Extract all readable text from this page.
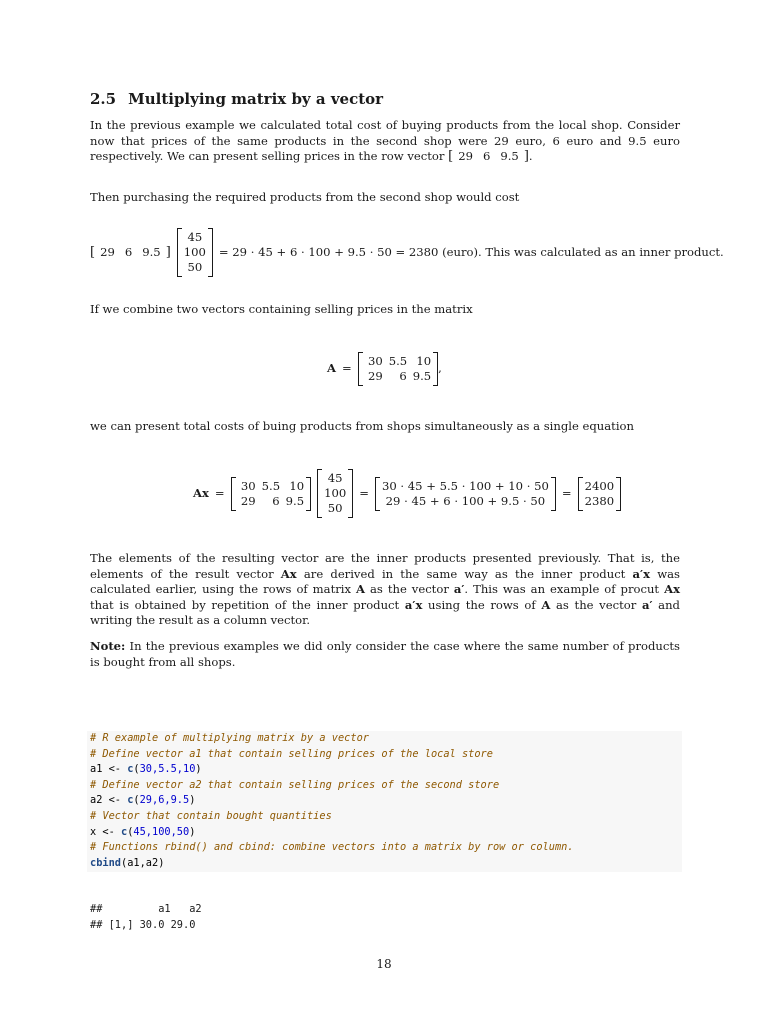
2.5 Multiplying matrix by a vector

In the previous example we calculated total cost of buying products from the local shop. Consider now that prices of the same products in the second shop were 29 euro, 6 euro and 9.5 euro respectively. We can present selling prices in the row vector [ 29 6 9.5 ] .

Then purchasing the required products from the second shop would cost

[ 29 6 9.5 ]
45
100
50
= 29 · 45 + 6 · 100 + 9.5 · 50 = 2380 (euro). This was calculated as an inner product.

If we combine two vectors containing selling prices in the matrix

A =
30 5.5 10
29	6 9.5
,

we can present total costs of buing products from shops simultaneously as a single equation

Ax =
30 5.5 10
29	6 9.5
45
100
50
=
30 · 45 + 5.5 · 100 + 10 · 50
29 · 45 + 6 · 100 + 9.5 · 50
=
2400
2380

The elements of the resulting vector are the inner products presented previously. That is, the elements of the result vector Ax are derived in the same way as the inner product a′x was calculated earlier, using the rows of matrix A as the vector a′. This was an example of procut Ax that is obtained by repetition of the inner product a′x using the rows of A as the vector a′ and writing the result as a column vector.

Note: In the previous examples we did only consider the case where the same number of products is bought from all shops.

# R example of multiplying matrix by a vector
# Define vector a1 that contain selling prices of the local store
a1 <- c(30,5.5,10)
# Define vector a2 that contain selling prices of the second store
a2 <- c(29,6,9.5)
# Vector that contain bought quantities
x <- c(45,100,50)
# Functions rbind() and cbind: combine vectors into a matrix by row or column.
cbind(a1,a2)
##         a1   a2
## [1,] 30.0 29.0
18
